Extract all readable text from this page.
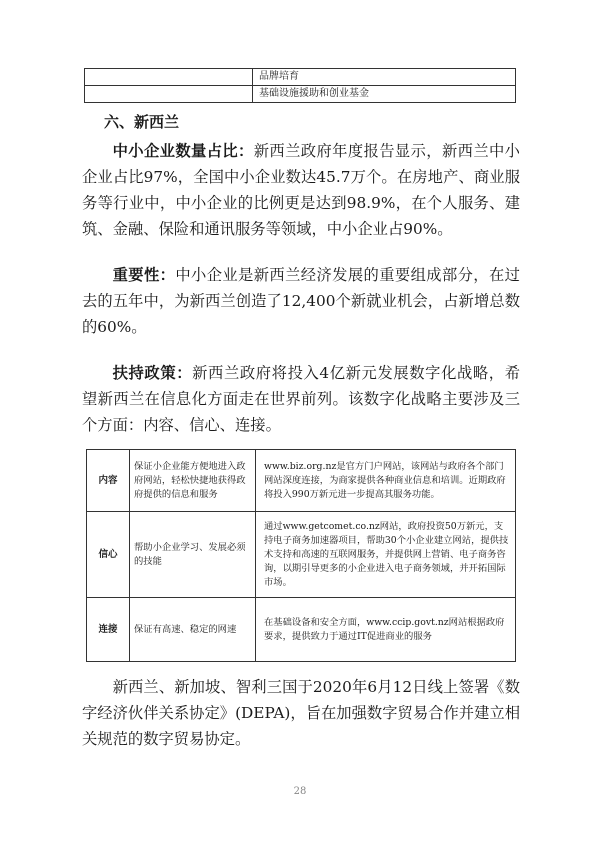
	品牌培育
	基础设施援助和创业基金
六、新西兰

中小企业数量占比：新西兰政府年度报告显示，新西兰中小企业占比97%，全国中小企业数达45.7万个。在房地产、商业服务等行业中，中小企业的比例更是达到98.9%，在个人服务、建筑、金融、保险和通讯服务等领域，中小企业占90%。

重要性：中小企业是新西兰经济发展的重要组成部分，在过去的五年中，为新西兰创造了12,400个新就业机会，占新增总数的60%。

扶持政策：新西兰政府将投入4亿新元发展数字化战略，希望新西兰在信息化方面走在世界前列。该数字化战略主要涉及三个方面：内容、信心、连接。

内容	保证小企业能方便地进入政府网站，轻松快捷地获得政府提供的信息和服务	www.biz.org.nz是官方门户网站，该网站与政府各个部门网站深度连接，为商家提供各种商业信息和培训。近期政府将投入990万新元进一步提高其服务功能。
信心	帮助小企业学习、发展必须的技能	通过www.getcomet.co.nz网站，政府投资50万新元，支持电子商务加速器项目，帮助30个小企业建立网站，提供技术支持和高速的互联网服务，并提供网上营销、电子商务咨询，以期引导更多的小企业进入电子商务领域，并开拓国际市场。
连接	保证有高速、稳定的网速	在基础设备和安全方面，www.ccip.govt.nz网站根据政府要求，提供致力于通过IT促进商业的服务

新西兰、新加坡、智利三国于2020年6月12日线上签署《数字经济伙伴关系协定》(DEPA)，旨在加强数字贸易合作并建立相关规范的数字贸易协定。

28
